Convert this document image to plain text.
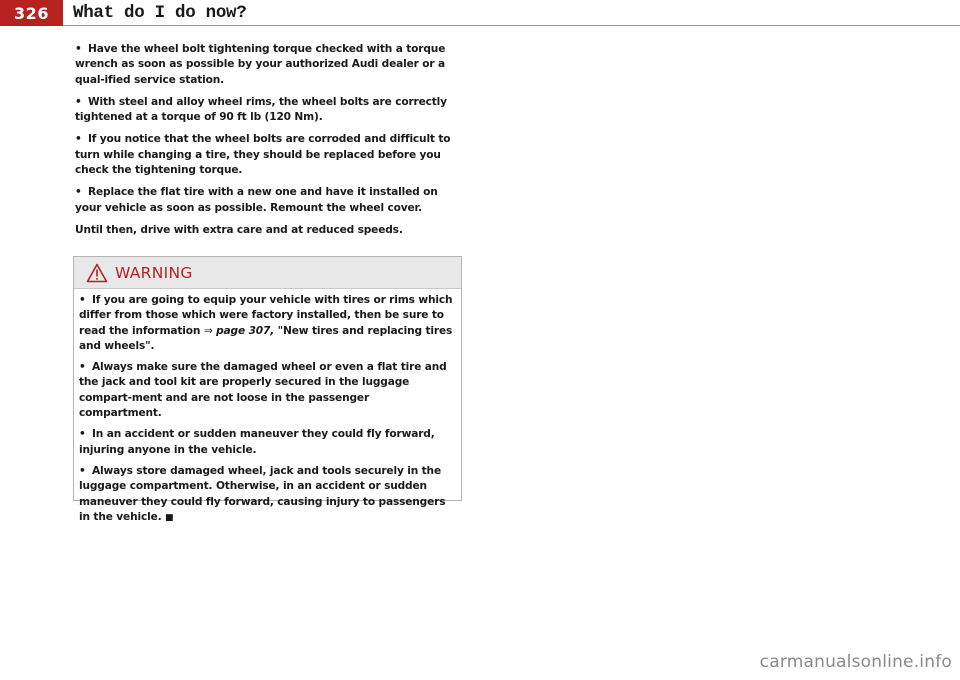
326	What do I do now?

• Have the wheel bolt tightening torque checked with a torque wrench as soon as possible by your authorized Audi dealer or a qual-ified service station.

• With steel and alloy wheel rims, the wheel bolts are correctly tightened at a torque of 90 ft lb (120 Nm).

• If you notice that the wheel bolts are corroded and difficult to turn while changing a tire, they should be replaced before you check the tightening torque.

• Replace the flat tire with a new one and have it installed on your vehicle as soon as possible. Remount the wheel cover.

Until then, drive with extra care and at reduced speeds.

WARNING

• If you are going to equip your vehicle with tires or rims which differ from those which were factory installed, then be sure to read the information ⇒ page 307, "New tires and replacing tires and wheels".

• Always make sure the damaged wheel or even a flat tire and the jack and tool kit are properly secured in the luggage compart-ment and are not loose in the passenger compartment.

• In an accident or sudden maneuver they could fly forward, injuring anyone in the vehicle.

• Always store damaged wheel, jack and tools securely in the luggage compartment. Otherwise, in an accident or sudden maneuver they could fly forward, causing injury to passengers in the vehicle. ■

carmanualsonline.info
